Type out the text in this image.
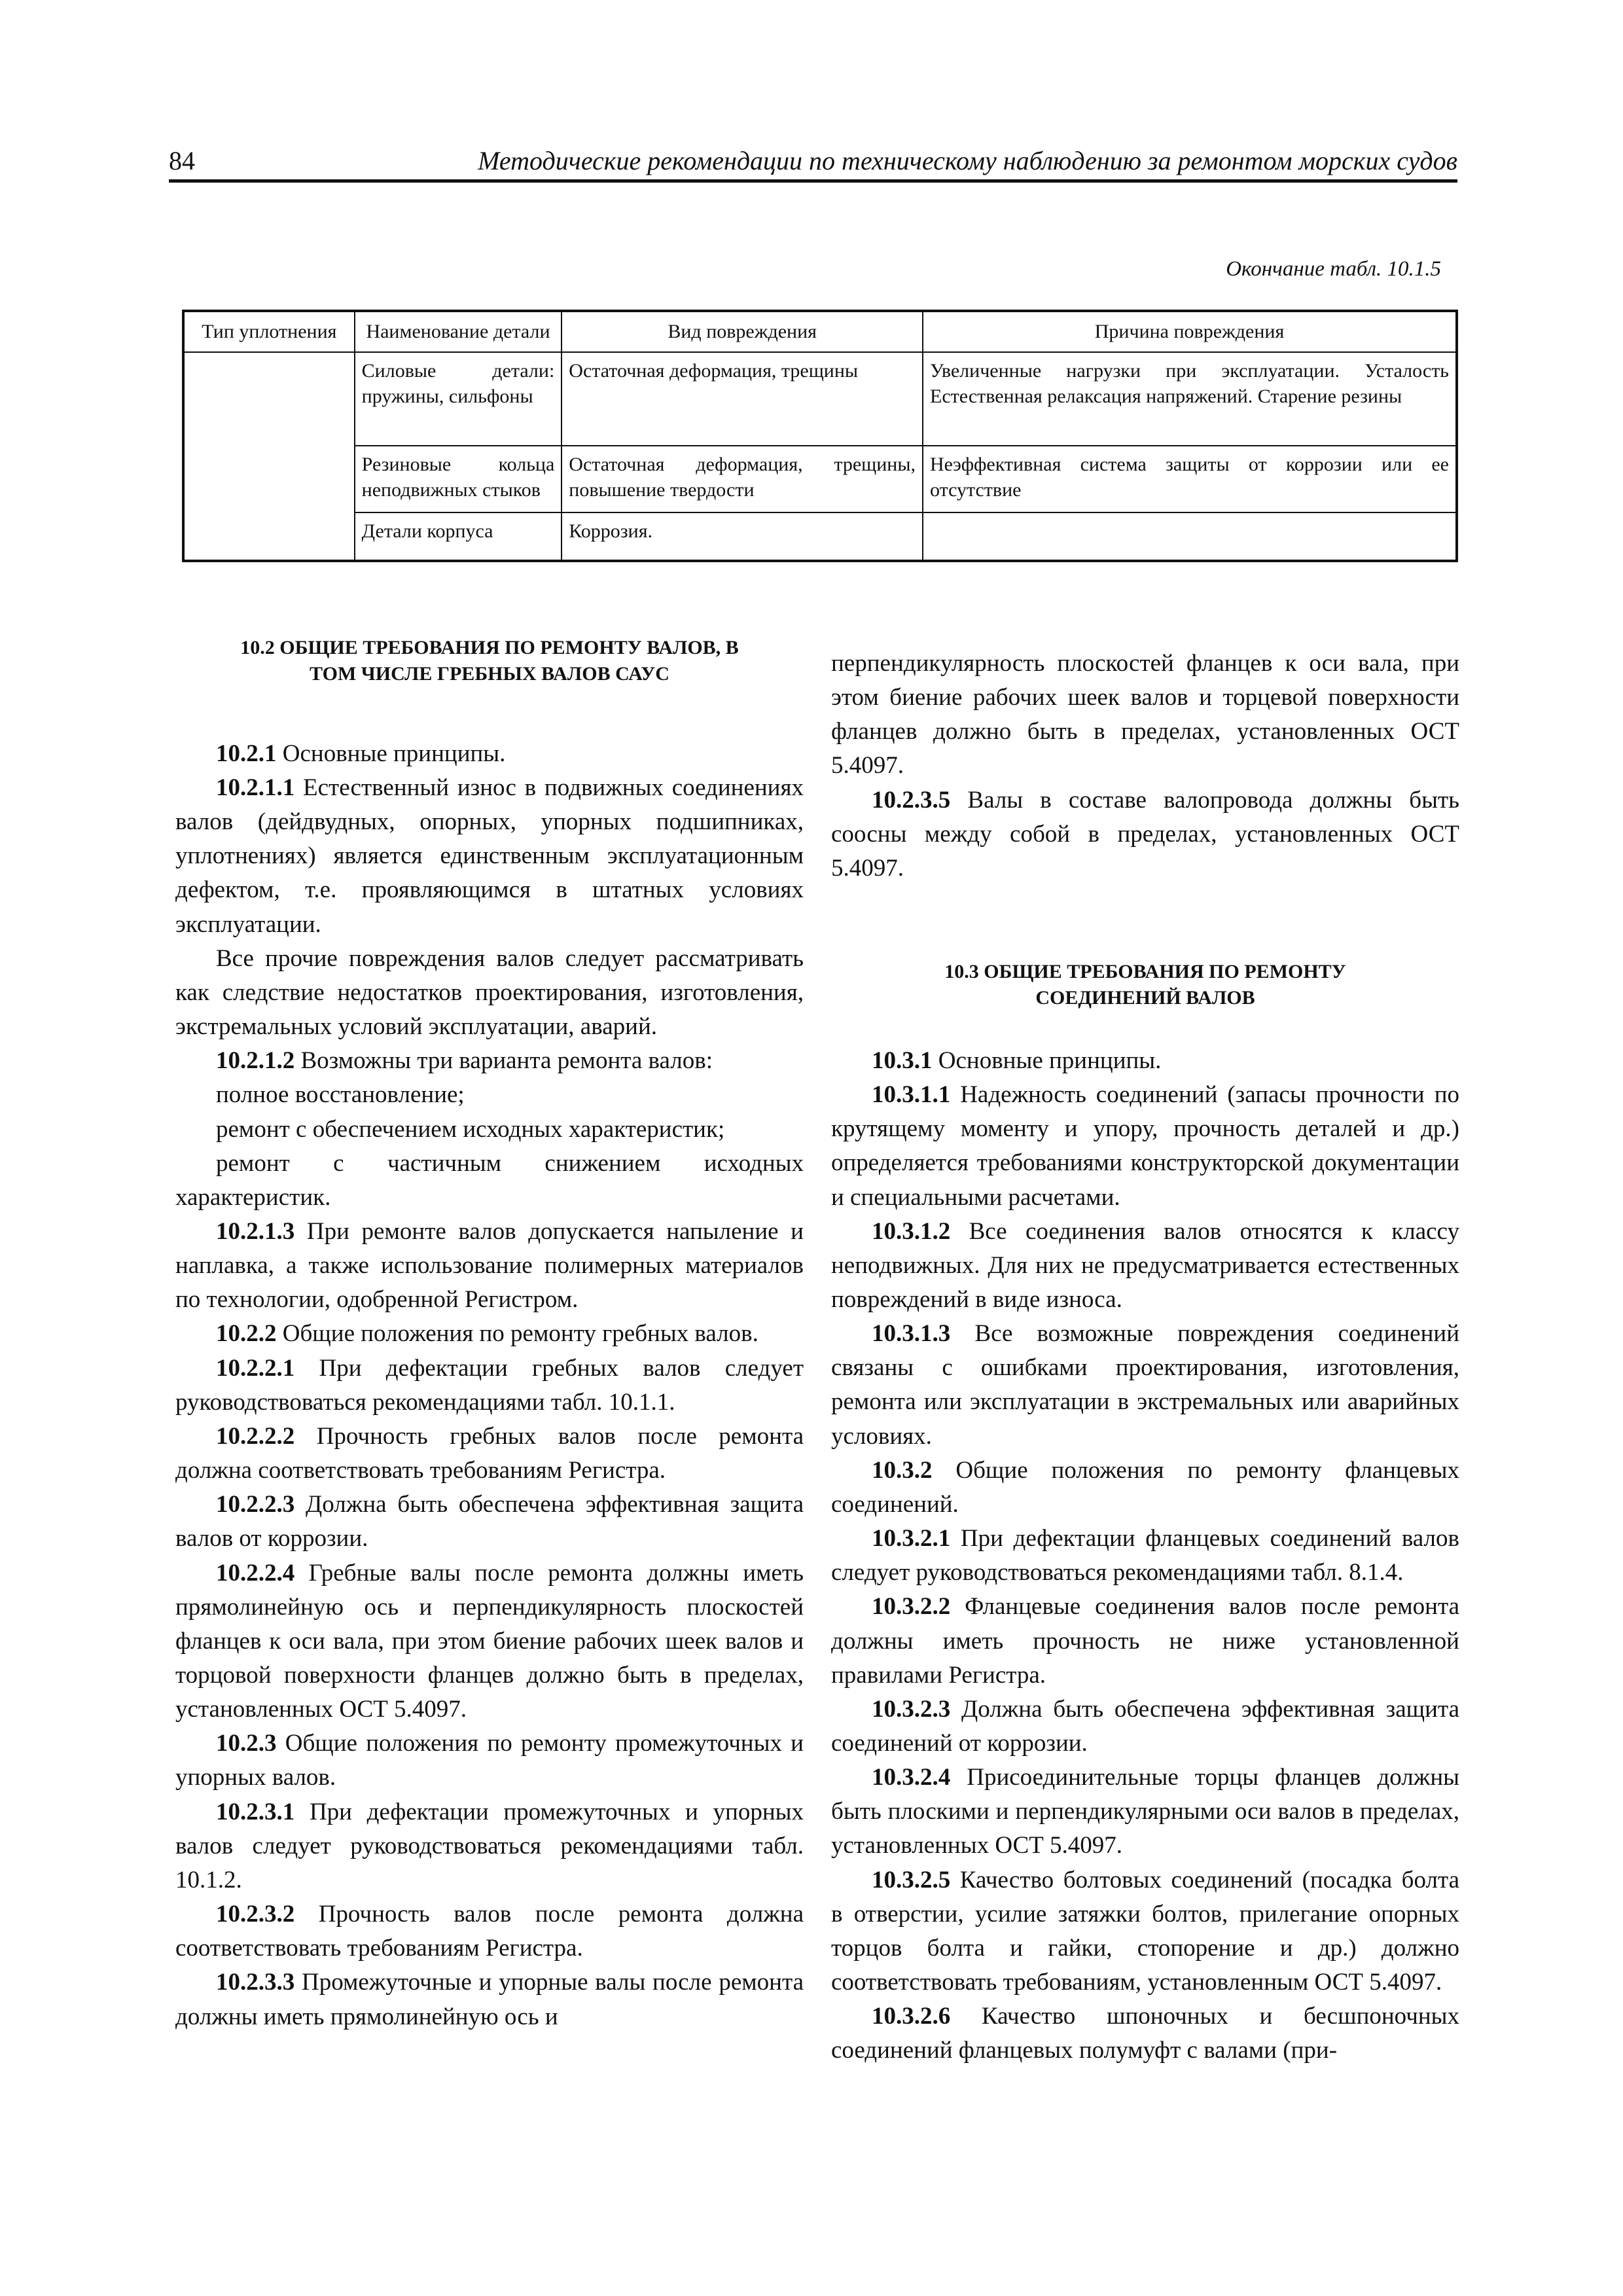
84	Методические рекомендации по техническому наблюдению за ремонтом морских судов
Окончание табл. 10.1.5
Тип уплотнения	Наименование детали	Вид повреждения	Причина повреждения
	Силовые детали: пружины, сильфоны	Остаточная деформация, трещины	Увеличенные нагрузки при эксплуатации. Усталость Естественная релаксация напряжений. Старение резины
	Резиновые кольца неподвижных стыков	Остаточная деформация, трещины, повышение твердости	Неэффективная система защиты от коррозии или ее отсутствие
	Детали корпуса	Коррозия.	
10.2 ОБЩИЕ ТРЕБОВАНИЯ ПО РЕМОНТУ ВАЛОВ, В ТОМ ЧИСЛЕ ГРЕБНЫХ ВАЛОВ САУС

10.2.1 Основные принципы.

10.2.1.1 Естественный износ в подвижных соединениях валов (дейдвудных, опорных, упорных подшипниках, уплотнениях) является единственным эксплуатационным дефектом, т.е. проявляющимся в штатных условиях эксплуатации.

Все прочие повреждения валов следует рассматривать как следствие недостатков проектирования, изготовления, экстремальных условий эксплуатации, аварий.

10.2.1.2 Возможны три варианта ремонта валов:

полное восстановление;

ремонт с обеспечением исходных характеристик;

ремонт с частичным снижением исходных характеристик.

10.2.1.3 При ремонте валов допускается напыление и наплавка, а также использование полимерных материалов по технологии, одобренной Регистром.

10.2.2 Общие положения по ремонту гребных валов.

10.2.2.1 При дефектации гребных валов следует руководствоваться рекомендациями табл. 10.1.1.

10.2.2.2 Прочность гребных валов после ремонта должна соответствовать требованиям Регистра.

10.2.2.3 Должна быть обеспечена эффективная защита валов от коррозии.

10.2.2.4 Гребные валы после ремонта должны иметь прямолинейную ось и перпендикулярность плоскостей фланцев к оси вала, при этом биение рабочих шеек валов и торцовой поверхности фланцев должно быть в пределах, установленных ОСТ 5.4097.

10.2.3 Общие положения по ремонту промежуточных и упорных валов.

10.2.3.1 При дефектации промежуточных и упорных валов следует руководствоваться рекомендациями табл. 10.1.2.

10.2.3.2 Прочность валов после ремонта должна соответствовать требованиям Регистра.

10.2.3.3 Промежуточные и упорные валы после ремонта должны иметь прямолинейную ось и

перпендикулярность плоскостей фланцев к оси вала, при этом биение рабочих шеек валов и торцевой поверхности фланцев должно быть в пределах, установленных ОСТ 5.4097.

10.2.3.5 Валы в составе валопровода должны быть соосны между собой в пределах, установленных ОСТ 5.4097.

10.3 ОБЩИЕ ТРЕБОВАНИЯ ПО РЕМОНТУ СОЕДИНЕНИЙ ВАЛОВ

10.3.1 Основные принципы.

10.3.1.1 Надежность соединений (запасы прочности по крутящему моменту и упору, прочность деталей и др.) определяется требованиями конструкторской документации и специальными расчетами.

10.3.1.2 Все соединения валов относятся к классу неподвижных. Для них не предусматривается естественных повреждений в виде износа.

10.3.1.3 Все возможные повреждения соединений связаны с ошибками проектирования, изготовления, ремонта или эксплуатации в экстремальных или аварийных условиях.

10.3.2 Общие положения по ремонту фланцевых соединений.

10.3.2.1 При дефектации фланцевых соединений валов следует руководствоваться рекомендациями табл. 8.1.4.

10.3.2.2 Фланцевые соединения валов после ремонта должны иметь прочность не ниже установленной правилами Регистра.

10.3.2.3 Должна быть обеспечена эффективная защита соединений от коррозии.

10.3.2.4 Присоединительные торцы фланцев должны быть плоскими и перпендикулярными оси валов в пределах, установленных ОСТ 5.4097.

10.3.2.5 Качество болтовых соединений (посадка болта в отверстии, усилие затяжки болтов, прилегание опорных торцов болта и гайки, стопорение и др.) должно соответствовать требованиям, установленным ОСТ 5.4097.

10.3.2.6 Качество шпоночных и бесшпоночных соединений фланцевых полумуфт с валами (при-
